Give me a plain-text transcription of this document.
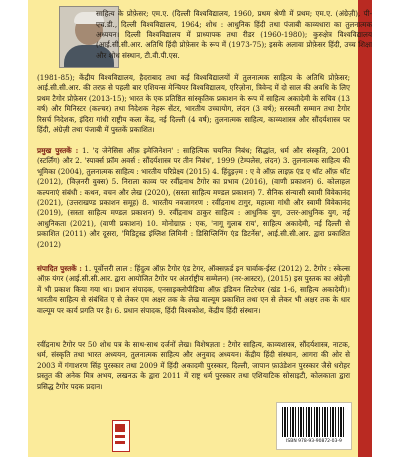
साहित्य के प्रोफ़ेसर; एम.ए. (दिल्ली विश्वविद्यालय, 1960, प्रथम श्रेणी में प्रथम; एम.ए. (अंग्रेज़ी), पी-एच.डी., दिल्ली विश्वविद्यालय, 1964; शोध : आधुनिक हिंदी तथा पंजाबी काव्यधारा का तुलनात्मक अध्ययन। दिल्ली विश्वविद्यालय में प्राध्यापक तथा रीडर (1960-1980); कुरुक्षेत्र विश्वविद्यालय (आई.सी.सी.आर. अतिथि हिंदी प्रोफ़ेसर के रूप में (1973-75); इसके अलावा प्रोफ़ेसर हिंदी, उच्च शिक्षा और शोध संस्थान, टी.वी.पी.एस.

(1981-85); केंद्रीय विश्वविद्यालय, हैदराबाद तथा कई विश्वविद्यालयों में तुलनात्मक साहित्य के अतिथि प्रोफ़ेसर; आई.सी.सी.आर. की तरफ़ से पहली बार एशियन्स मेन्चियर विश्वविद्यालय, एरिज़ोना, त्रिवेन्द में दो साल की अवधि के लिए प्रथम टैगोर प्रोफ़ेसर (2013-15); भारत के एक प्रतिष्ठित सांस्कृतिक प्रकाशन के रूप में साहित्य अकादेमी के सचिव (13 वर्ष) और मिनिस्टर (कल्चर) तथा निदेशक नेहरू सेंटर, भारतीय उच्चायोग, लंदन (3 वर्ष); सरस्वती सम्मान तथा टैगोर रिसर्च निदेशक, इंदिरा गांधी राष्ट्रीय कला केंद्र, नई दिल्ली (4 वर्ष); तुलनात्मक साहित्य, काव्यशास्त्र और सौंदर्यशास्त्र पर हिंदी, अंग्रेज़ी तथा पंजाबी में पुस्तकें प्रकाशित।

प्रमुख पुस्तकें : 1. 'द जेनेसिस ऑफ़ इमेजिनेशन' : साहित्यिक चयनित निबंध; सिद्धांत, धर्म और संस्कृति, 2001 (स्टर्लिंग) और 2. 'स्पार्क्स फ्रॉम अवर्स : सौंदर्यशास्त्र पर तीन निबंध', 1999 (टेम्पलेस, लंदन) 3. तुलनात्मक साहित्य की भूमिका (2004), तुलनात्मक साहित्य : भारतीय परिप्रेक्ष्य (2015) 4. हिंदुइज़्म : ए वे ऑफ़ लाइफ़ एंड ए थॉट ऑफ़ थॉट (2012), (विज़नरी वुक्स) 5. निराला काव्य पर रवींद्रनाथ टैगोर का प्रभाव (2016), (वाणी प्रकाशन) 6. कोलाहल कल्पनाएं संबंधी : कथन, वचन और लेख (2020), (सस्ता साहित्य मण्डल प्रकाशन) 7. सैनिक संन्यासी स्वामी विवेकानंद (2021), (उत्तराखण्ड प्रकाशन समूह) 8. भारतीय नवजागरण : रवींद्रनाथ टागुर, महात्मा गांधी और स्वामी विवेकानंद (2019), (सस्ता साहित्य मण्डल प्रकाशन) 9. रवींद्रनाथ ठाकुर साहित्य : आधुनिक युग, उत्तर-आधुनिक युग, नई आधुनिकता (2021), (वाणी प्रकाशन) 10. मोनोग्राफ़ : एक, 'नागू गुलाब राय', साहित्य अकादेमी, नई दिल्ली से प्रकाशित (2011) और दूसरा, 'मिडिट्रस्ड इंग्लिश लिमिनी : डिसिप्लिनिंग एंड डिटर्नेस', आई.सी.सी.आर. द्वारा प्रकाशित (2012)

संपादित पुस्तकें : 1. पूर्वोत्तरी लाल : हिंदुत्व ऑफ़ टैगोर एंड टेगर, ऑक्सफ़र्ड इन चार्वाक-ईस्ट (2012) 2. टैगोर : स्केल्स ऑफ़ यंगर (आई.सी.सी.आर. द्वारा आयोजित टैगोर पर अंतर्राष्ट्रीय सम्मेलन) (नर-आस्टर), (2015) इस पुस्तक का अंग्रेज़ी में भी प्रकाश किया गया था। प्रधान संपादक, एनसाइक्लोपीडिया ऑफ़ इंडियन लिटरेचर (खंड 1-6, साहित्य अकादेमी)। भारतीय साहित्य से संबंधित ए से लेकर एम अक्षर तक के लेख वाल्यूम प्रकाशित तथा एन से लेकर भी अक्षर तक के धार वाल्यूम पर कार्य प्रगति पर है। 6. प्रधान संपादक, हिंदी विश्वकोश, केंद्रीय हिंदी संस्थान।

रवींद्रनाथ टैगोर पर 50 शोध पत्र के साथ-साथ दर्जनों लेख। विशेषज्ञता : टैगोर साहित्य, काव्यशास्त्र, सौंदर्यशास्त्र, नाटक, धर्म, संस्कृति तथा भारत अध्ययन, तुलनात्मक साहित्य और अनुवाद अध्ययन। केंद्रीय हिंदी संस्थान, आगरा की ओर से 2003 में गंगाशरण सिंह पुरस्कार तथा 2009 में हिंदी अकादमी पुरस्कार, दिल्ली, जापान फ़ाउंडेशन पुरस्कार जैसे धरोहर प्रस्तुत की अनेक मित्र अभय, लखनऊ के द्वारा 2011 में राष्ट्र धर्म पुरस्कार तथा एशियाटिक सोसाइटी, कोलकाता द्वारा प्रसिद्ध टैगोर पदक प्रदान।

ISBN 978-93-90872-03-9
